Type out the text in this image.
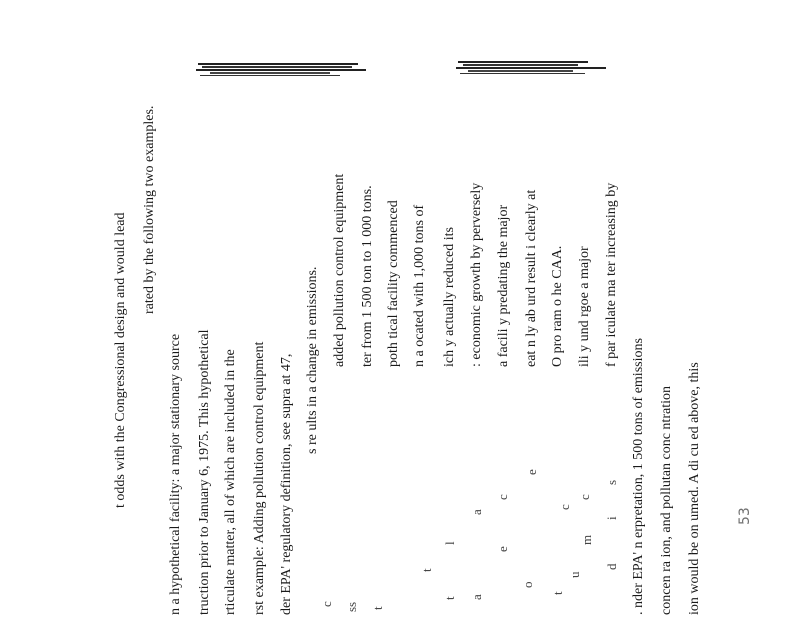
t odds with the Congressional design and would lead
rated by the following two examples.
n a hypothetical facility: a major stationary source truction prior to January 6, 1975. This hypothetical rticulate matter, all of which are included in the rst example: Adding pollution control equipment der EPA' regulatory definition, see supra at 47, s re ults in a change in emissions. added pollution control equipment ter from 1 500 ton to 1 000 tons. poth tical facility commenced n a ocated with 1,000 tons of ich y actually reduced its : economic growth by perversely a facili y predating the major eat n ly ab urd result i clearly at O pro ram o he CAA. ili y und rgoe a major f par iculate ma ter increasing by
. nder EPA' n erpretation, 1 500 tons of emissions concen ra ion, and pollutan conc ntration ion would be on umed. A di cu ed above, this
c ss t
t
t
l
e
c
a
m
d
i
c
a
o
e
t
u
c
s
53
